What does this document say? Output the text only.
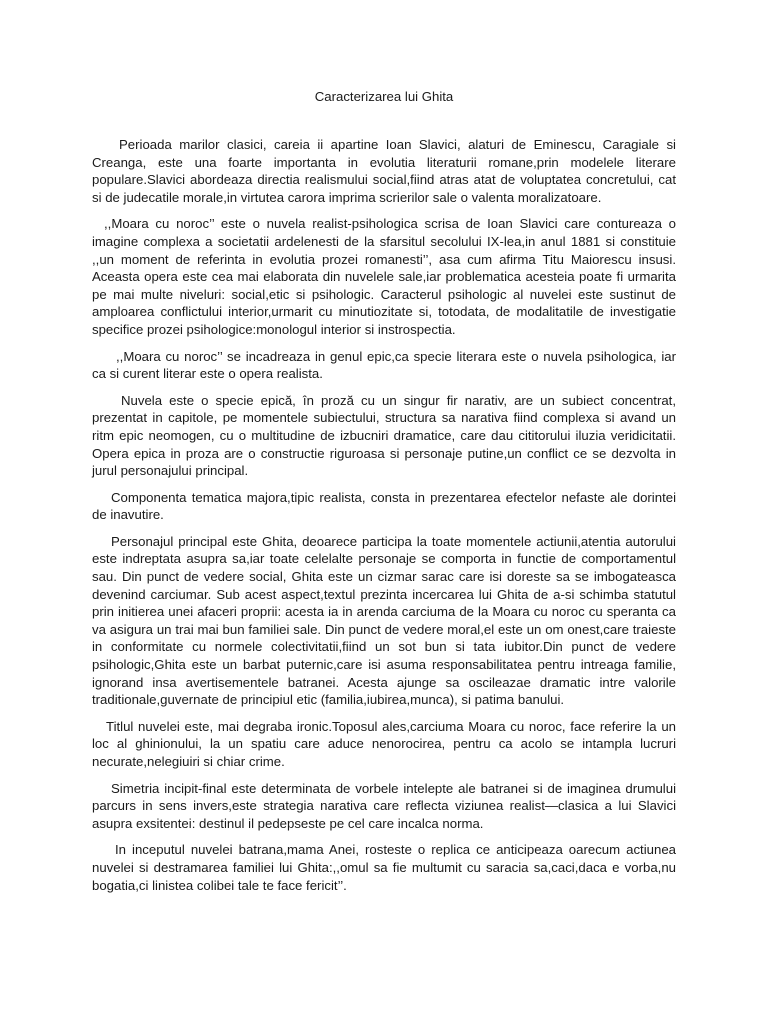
Caracterizarea lui Ghita

Perioada marilor clasici, careia ii apartine Ioan Slavici, alaturi de Eminescu, Caragiale si Creanga, este una foarte importanta in evolutia literaturii romane,prin modelele literare populare.Slavici abordeaza directia realismului social,fiind atras atat de voluptatea concretului, cat si de judecatile morale,in virtutea carora imprima scrierilor sale o valenta moralizatoare.

,,Moara cu noroc’’ este o nuvela realist-psihologica scrisa de Ioan Slavici care contureaza o imagine complexa a societatii ardelenesti de la sfarsitul secolului IX-lea,in anul 1881 si constituie ,,un moment de referinta in evolutia prozei romanesti’’, asa cum afirma Titu Maiorescu insusi. Aceasta opera este cea mai elaborata din nuvelele sale,iar problematica acesteia poate fi urmarita pe mai multe niveluri: social,etic si psihologic. Caracterul psihologic al nuvelei este sustinut de amploarea conflictului interior,urmarit cu minutiozitate si, totodata, de modalitatile de investigatie specifice prozei psihologice:monologul interior si instrospectia.

,,Moara cu noroc’’ se incadreaza in genul epic,ca specie literara este o nuvela psihologica, iar ca si curent literar este o opera realista.

Nuvela este o specie epică, în proză cu un singur fir narativ, are un subiect concentrat, prezentat in capitole, pe momentele subiectului, structura sa narativa fiind complexa si avand un ritm epic neomogen, cu o multitudine de izbucniri dramatice, care dau cititorului iluzia veridicitatii. Opera epica in proza are o constructie riguroasa si personaje putine,un conflict ce se dezvolta in jurul personajului principal.

Componenta tematica majora,tipic realista, consta in prezentarea efectelor nefaste ale dorintei de inavutire.

Personajul principal este Ghita, deoarece participa la toate momentele actiunii,atentia autorului este indreptata asupra sa,iar toate celelalte personaje se comporta in functie de comportamentul sau. Din punct de vedere social, Ghita este un cizmar sarac care isi doreste sa se imbogateasca devenind carciumar. Sub acest aspect,textul prezinta incercarea lui Ghita de a-si schimba statutul prin initierea unei afaceri proprii: acesta ia in arenda carciuma de la Moara cu noroc cu speranta ca va asigura un trai mai bun familiei sale. Din punct de vedere moral,el este un om onest,care traieste in conformitate cu normele colectivitatii,fiind un sot bun si tata iubitor.Din punct de vedere psihologic,Ghita este un barbat puternic,care isi asuma responsabilitatea pentru intreaga familie, ignorand insa avertisementele batranei. Acesta ajunge sa oscileazae dramatic intre valorile traditionale,guvernate de principiul etic (familia,iubirea,munca), si patima banului.

Titlul nuvelei este, mai degraba ironic.Toposul ales,carciuma Moara cu noroc, face referire la un loc al ghinionului, la un spatiu care aduce nenorocirea, pentru ca acolo se intampla lucruri necurate,nelegiuiri si chiar crime.

Simetria incipit-final este determinata de vorbele intelepte ale batranei si de imaginea drumului parcurs in sens invers,este strategia narativa care reflecta viziunea realist—clasica a lui Slavici asupra exsitentei: destinul il pedepseste pe cel care incalca norma.

In inceputul nuvelei batrana,mama Anei, rosteste o replica ce anticipeaza oarecum actiunea nuvelei si destramarea familiei lui Ghita:,,omul sa fie multumit cu saracia sa,caci,daca e vorba,nu bogatia,ci linistea colibei tale te face fericit’’.
